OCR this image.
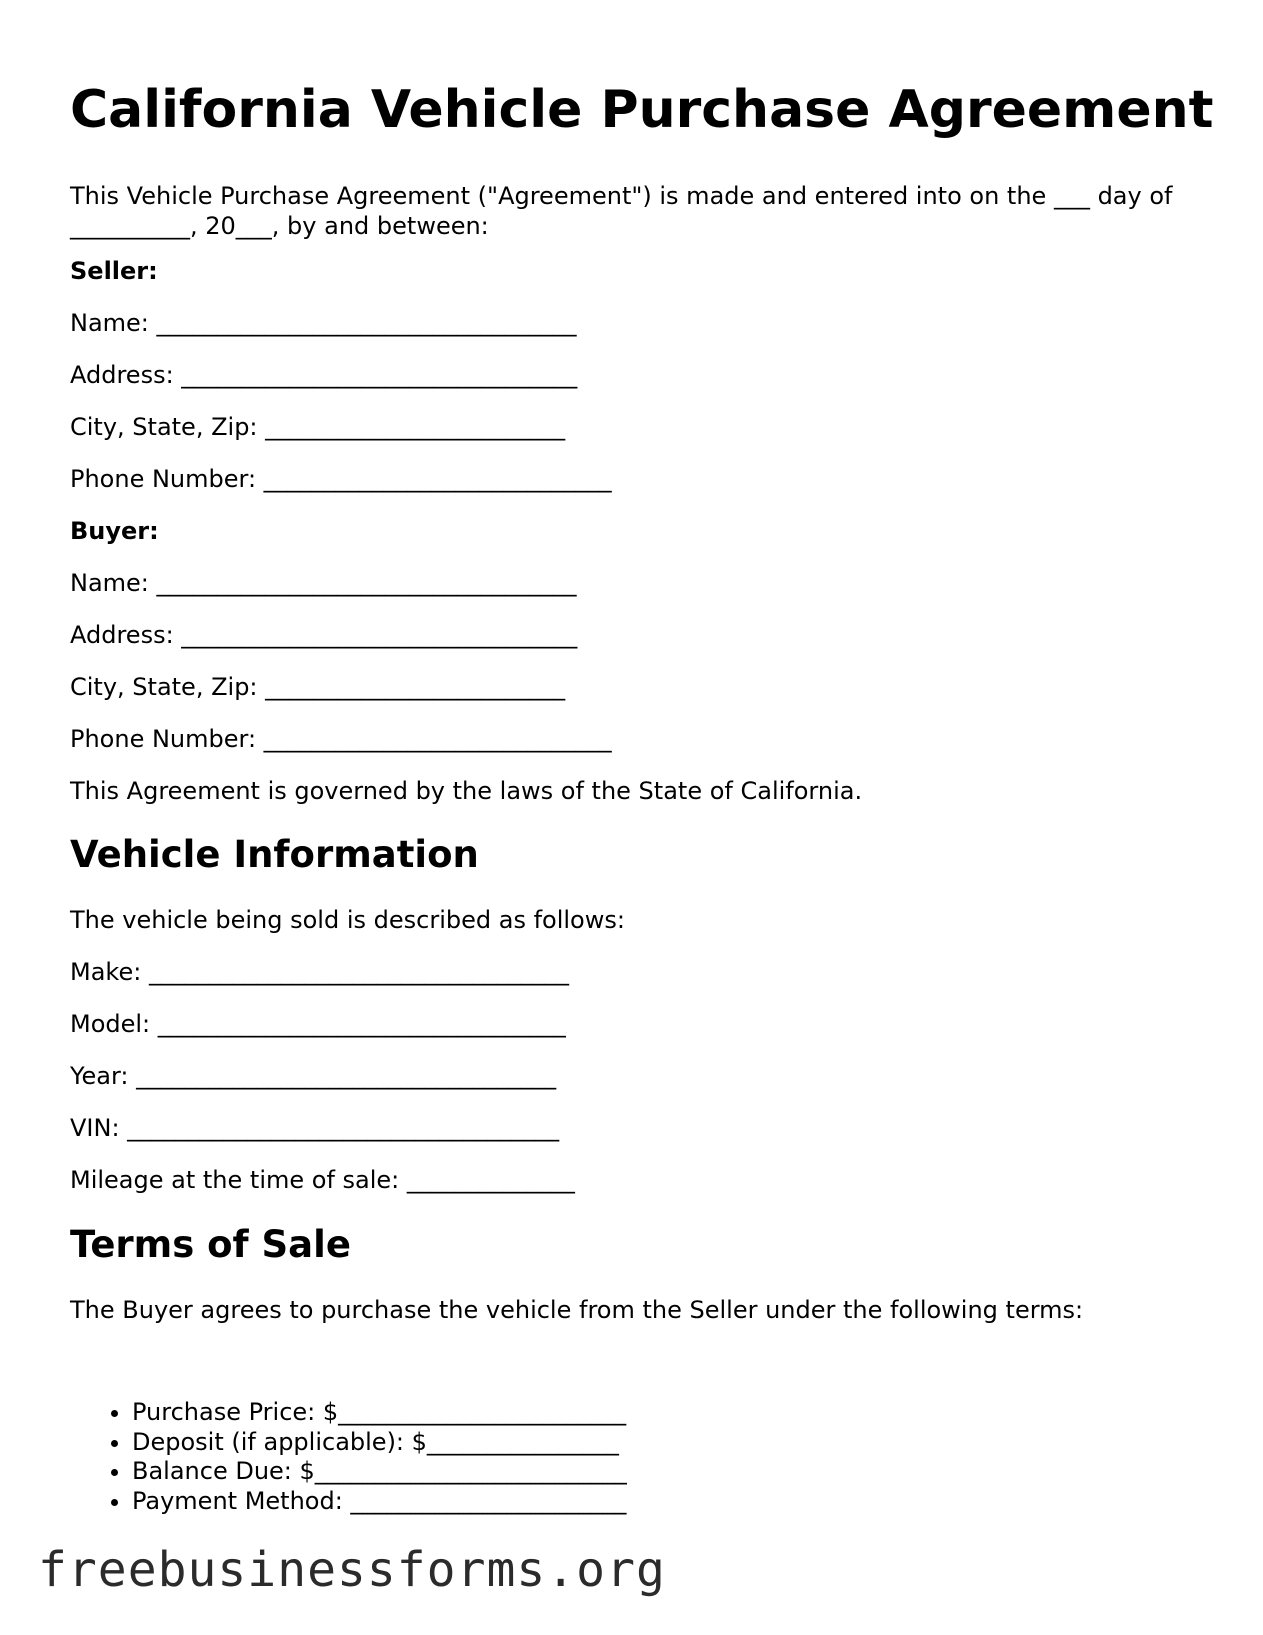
California Vehicle Purchase Agreement

This Vehicle Purchase Agreement ("Agreement") is made and entered into on the ___ day of __________, 20___, by and between:

Seller:

Name: ___________________________________

Address: _________________________________

City, State, Zip: _________________________

Phone Number: _____________________________

Buyer:

Name: ___________________________________

Address: _________________________________

City, State, Zip: _________________________

Phone Number: _____________________________

This Agreement is governed by the laws of the State of California.

Vehicle Information

The vehicle being sold is described as follows:

Make: ___________________________________

Model: __________________________________

Year: ___________________________________

VIN: ____________________________________

Mileage at the time of sale: ______________

Terms of Sale

The Buyer agrees to purchase the vehicle from the Seller under the following terms:

• Purchase Price: $________________________
• Deposit (if applicable): $________________
• Balance Due: $__________________________
• Payment Method: _______________________
freebusinessforms.org
